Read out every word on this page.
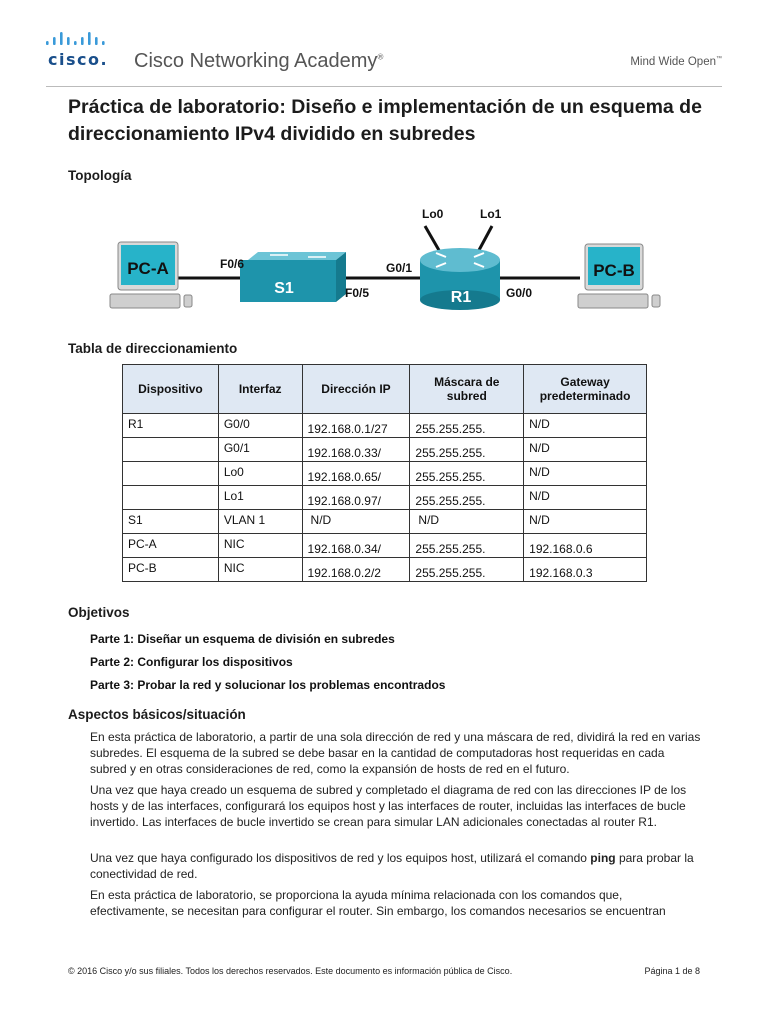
cisco. Cisco Networking Academy®	Mind Wide Open™
Práctica de laboratorio: Diseño e implementación de un esquema de direccionamiento IPv4 dividido en subredes
Topología
PC-A
S1
R1
PC-B
F0/6
F0/5
G0/1
G0/0
Lo0	Lo1
Tabla de direccionamiento
Dispositivo	Interfaz	Dirección IP	Máscara de subred	Gateway predeterminado
R1	G0/0	192.168.0.1/27	255.255.255.	N/D
	G0/1	192.168.0.33/	255.255.255.	N/D
	Lo0	192.168.0.65/	255.255.255.	N/D
	Lo1	192.168.0.97/	255.255.255.	N/D
S1	VLAN 1	N/D	N/D	N/D
PC-A	NIC	192.168.0.34/	255.255.255.	192.168.0.6
PC-B	NIC	192.168.0.2/2	255.255.255.	192.168.0.3
Objetivos
Parte 1: Diseñar un esquema de división en subredes
Parte 2: Configurar los dispositivos
Parte 3: Probar la red y solucionar los problemas encontrados
Aspectos básicos/situación

En esta práctica de laboratorio, a partir de una sola dirección de red y una máscara de red, dividirá la red en varias subredes. El esquema de la subred se debe basar en la cantidad de computadoras host requeridas en cada subred y en otras consideraciones de red, como la expansión de hosts de red en el futuro.

Una vez que haya creado un esquema de subred y completado el diagrama de red con las direcciones IP de los hosts y de las interfaces, configurará los equipos host y las interfaces de router, incluidas las interfaces de bucle invertido. Las interfaces de bucle invertido se crean para simular LAN adicionales conectadas al router R1.

Una vez que haya configurado los dispositivos de red y los equipos host, utilizará el comando ping para probar la conectividad de red.

En esta práctica de laboratorio, se proporciona la ayuda mínima relacionada con los comandos que, efectivamente, se necesitan para configurar el router. Sin embargo, los comandos necesarios se encuentran

© 2016 Cisco y/o sus filiales. Todos los derechos reservados. Este documento es información pública de Cisco.	Página 1 de 8
